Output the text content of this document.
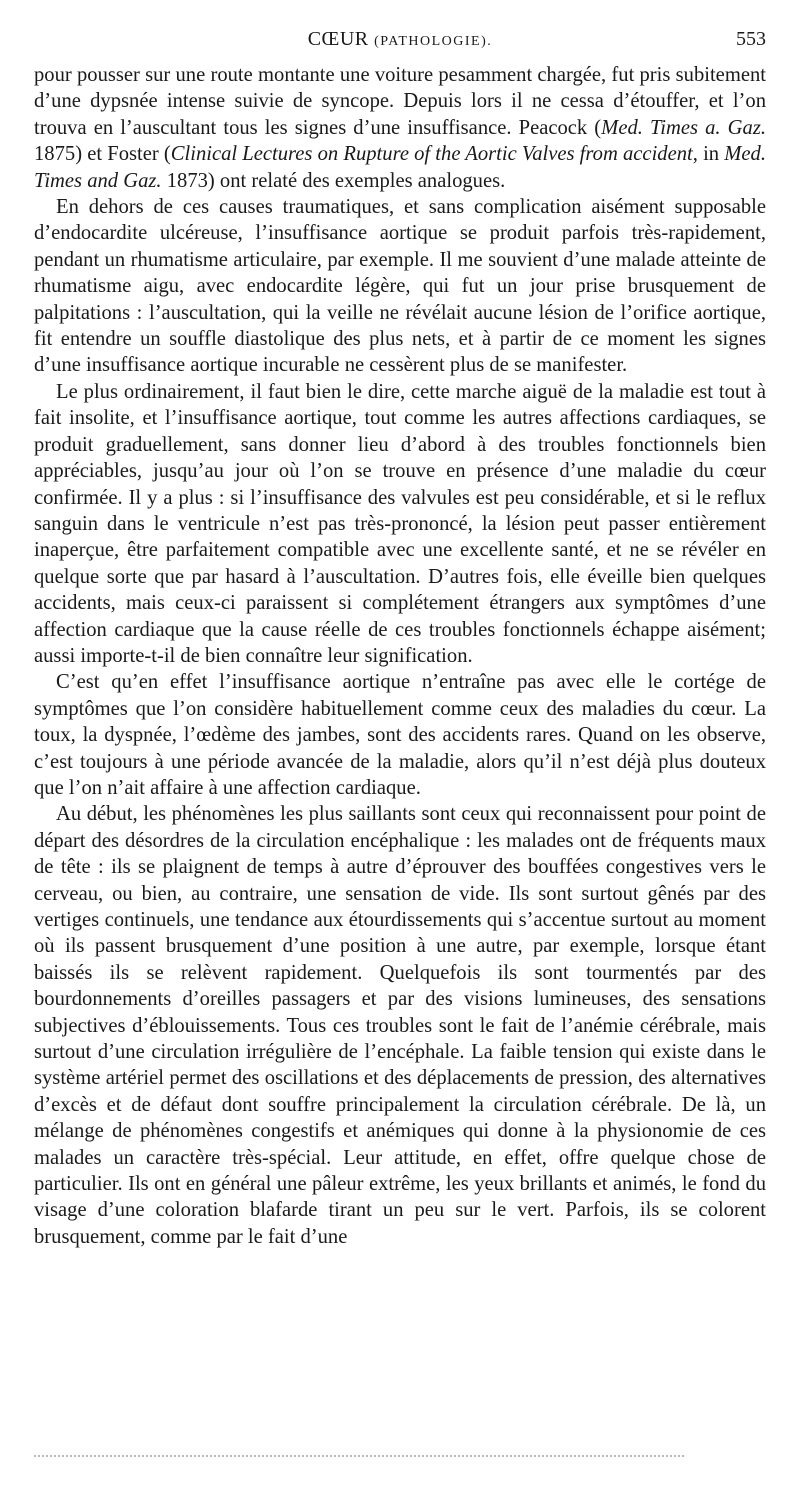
CŒUR (PATHOLOGIE).	553

pour pousser sur une route montante une voiture pesamment chargée, fut pris subitement d’une dypsnée intense suivie de syncope. Depuis lors il ne cessa d’étouffer, et l’on trouva en l’auscultant tous les signes d’une insuffisance. Peacock (Med. Times a. Gaz. 1875) et Foster (Clinical Lectures on Rupture of the Aortic Valves from accident, in Med. Times and Gaz. 1873) ont relaté des exemples analogues.

En dehors de ces causes traumatiques, et sans complication aisément supposable d’endocardite ulcéreuse, l’insuffisance aortique se produit parfois très-rapidement, pendant un rhumatisme articulaire, par exemple. Il me souvient d’une malade atteinte de rhumatisme aigu, avec endocardite légère, qui fut un jour prise brusquement de palpitations : l’auscultation, qui la veille ne révélait aucune lésion de l’orifice aortique, fit entendre un souffle diastolique des plus nets, et à partir de ce moment les signes d’une insuffisance aortique incurable ne cessèrent plus de se manifester.

Le plus ordinairement, il faut bien le dire, cette marche aiguë de la maladie est tout à fait insolite, et l’insuffisance aortique, tout comme les autres affections cardiaques, se produit graduellement, sans donner lieu d’abord à des troubles fonctionnels bien appréciables, jusqu’au jour où l’on se trouve en présence d’une maladie du cœur confirmée. Il y a plus : si l’insuffisance des valvules est peu considérable, et si le reflux sanguin dans le ventricule n’est pas très-prononcé, la lésion peut passer entièrement inaperçue, être parfaitement compatible avec une excellente santé, et ne se révéler en quelque sorte que par hasard à l’auscultation. D’autres fois, elle éveille bien quelques accidents, mais ceux-ci paraissent si complétement étrangers aux symptômes d’une affection cardiaque que la cause réelle de ces troubles fonctionnels échappe aisément; aussi importe-t-il de bien connaître leur signification.

C’est qu’en effet l’insuffisance aortique n’entraîne pas avec elle le cortége de symptômes que l’on considère habituellement comme ceux des maladies du cœur. La toux, la dyspnée, l’œdème des jambes, sont des accidents rares. Quand on les observe, c’est toujours à une période avancée de la maladie, alors qu’il n’est déjà plus douteux que l’on n’ait affaire à une affection cardiaque.

Au début, les phénomènes les plus saillants sont ceux qui reconnaissent pour point de départ des désordres de la circulation encéphalique : les malades ont de fréquents maux de tête : ils se plaignent de temps à autre d’éprouver des bouffées congestives vers le cerveau, ou bien, au contraire, une sensation de vide. Ils sont surtout gênés par des vertiges continuels, une tendance aux étourdissements qui s’accentue surtout au moment où ils passent brusquement d’une position à une autre, par exemple, lorsque étant baissés ils se relèvent rapidement. Quelquefois ils sont tourmentés par des bourdonnements d’oreilles passagers et par des visions lumineuses, des sensations subjectives d’éblouissements. Tous ces troubles sont le fait de l’anémie cérébrale, mais surtout d’une circulation irrégulière de l’encéphale. La faible tension qui existe dans le système artériel permet des oscillations et des déplacements de pression, des alternatives d’excès et de défaut dont souffre principalement la circulation cérébrale. De là, un mélange de phénomènes congestifs et anémiques qui donne à la physionomie de ces malades un caractère très-spécial. Leur attitude, en effet, offre quelque chose de particulier. Ils ont en général une pâleur extrême, les yeux brillants et animés, le fond du visage d’une coloration blafarde tirant un peu sur le vert. Parfois, ils se colorent brusquement, comme par le fait d’une
